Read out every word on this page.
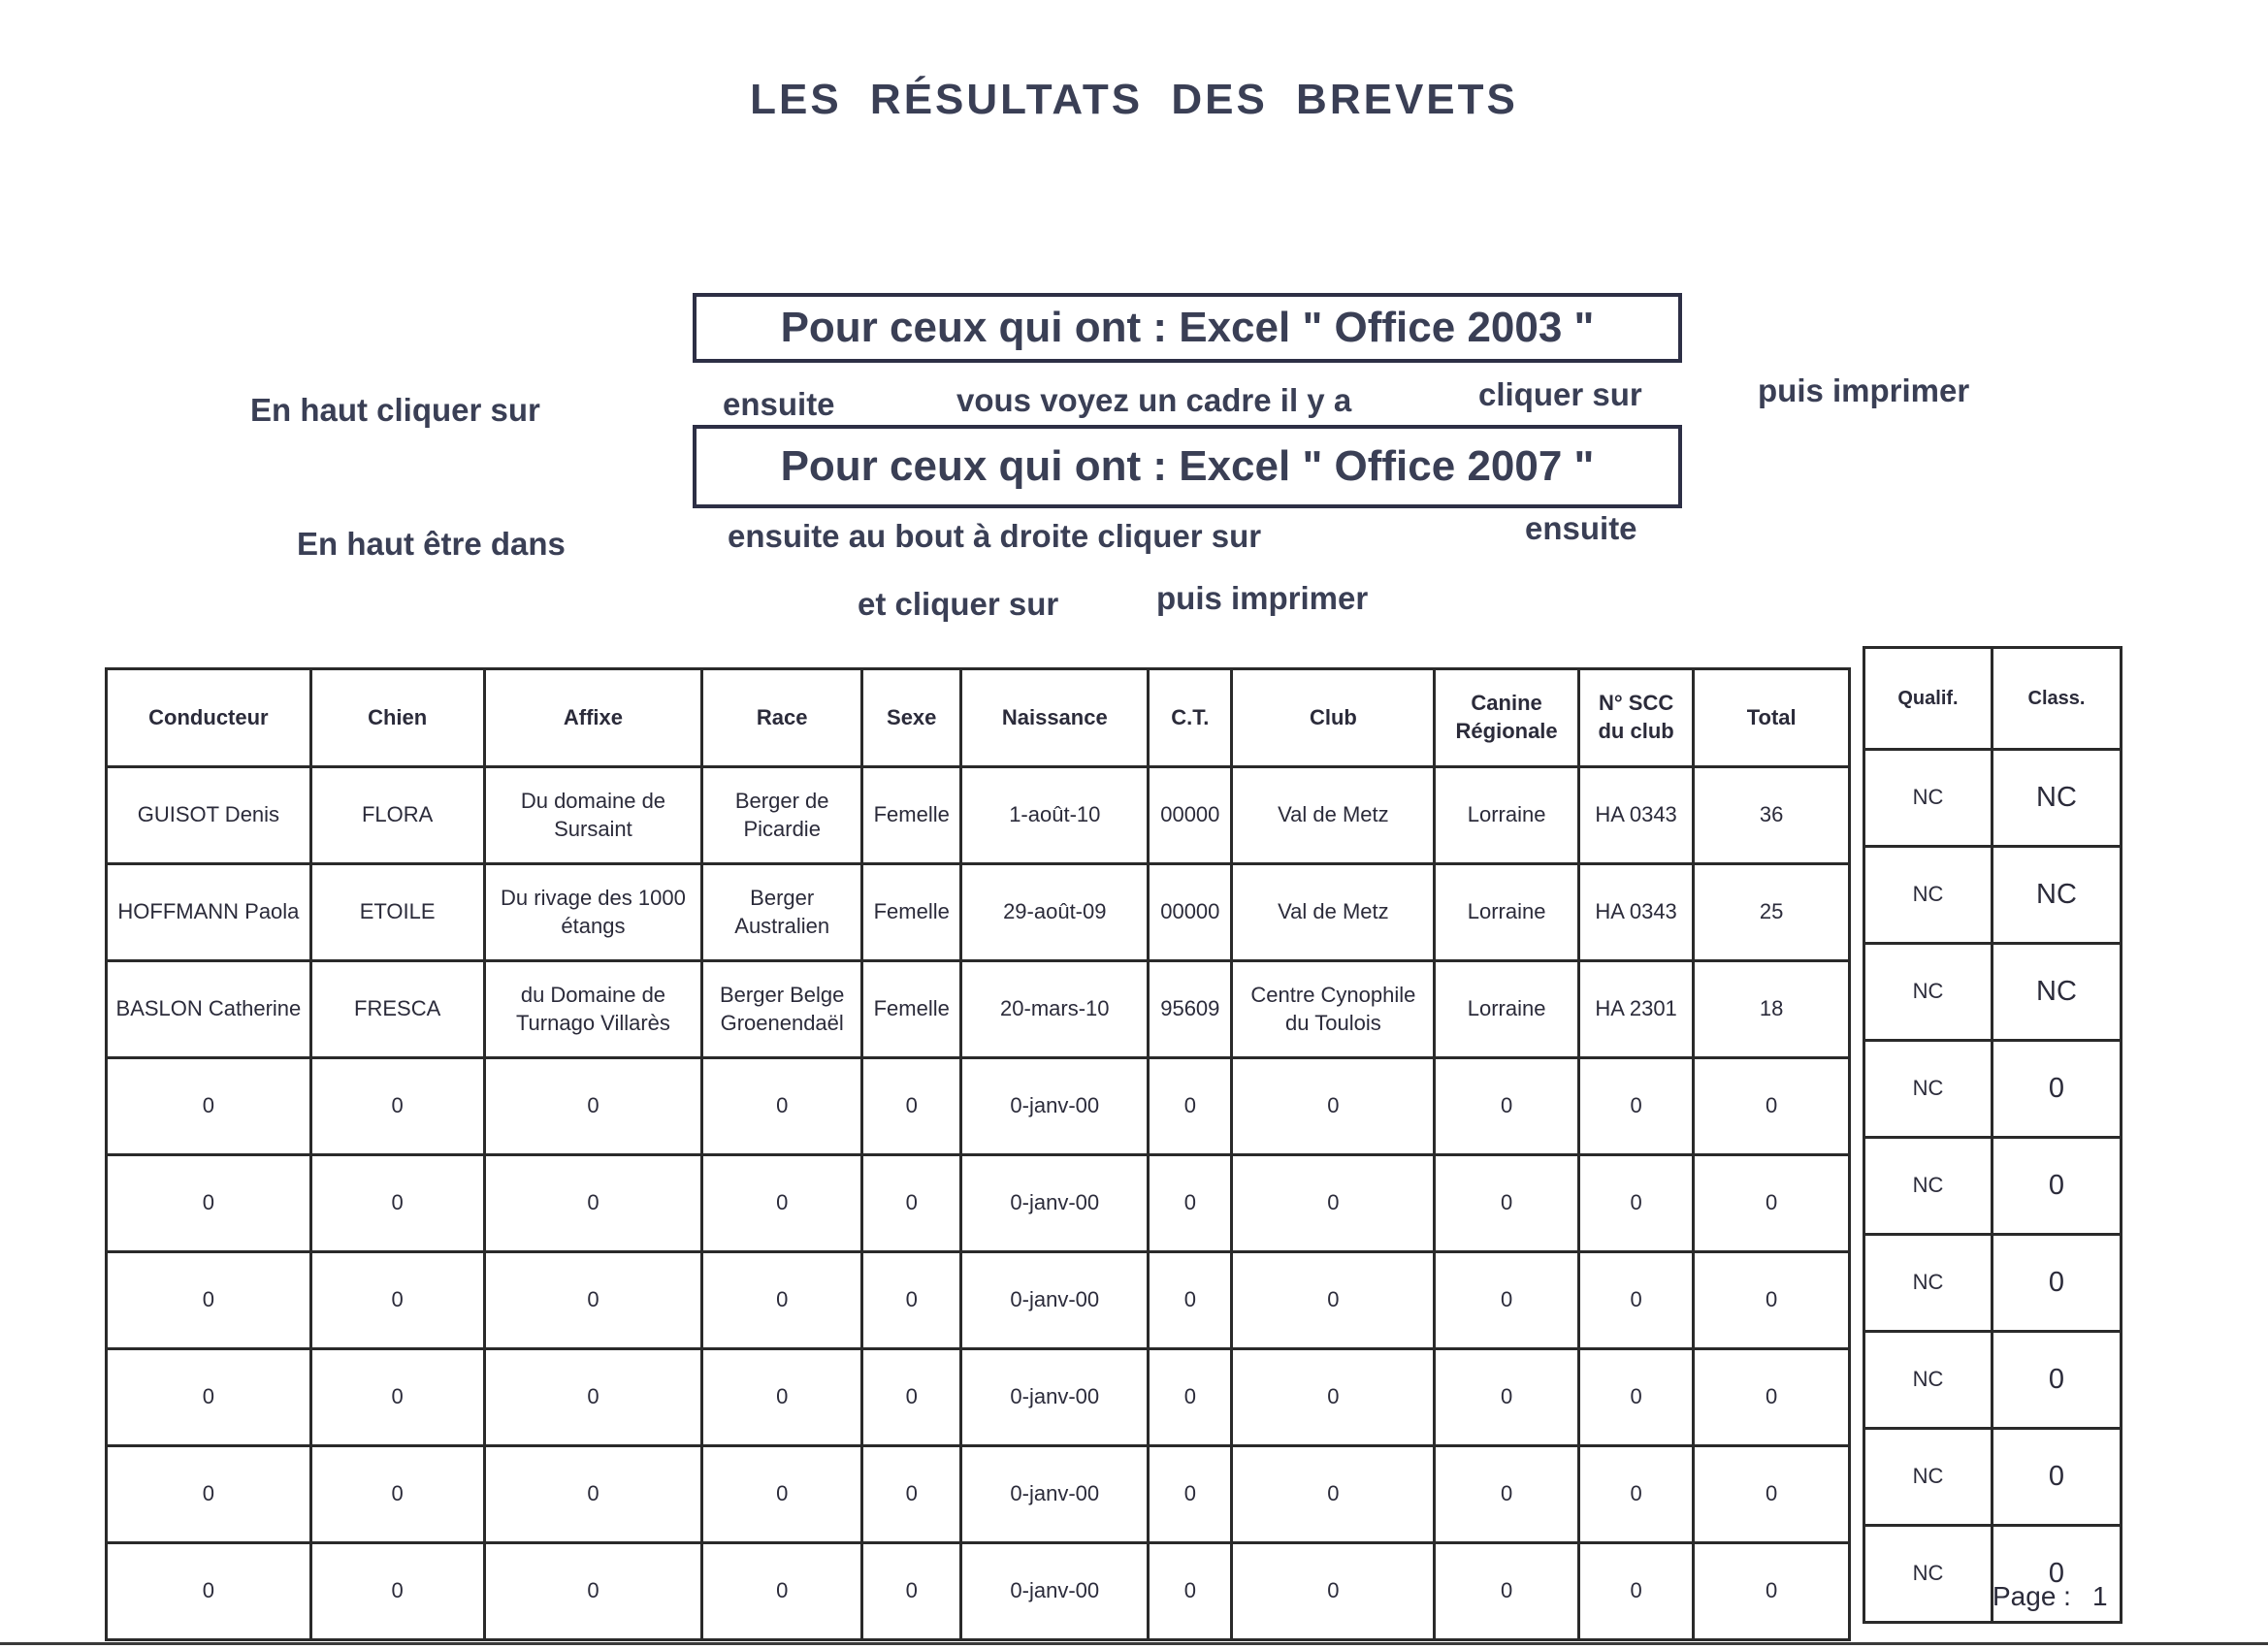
LES RÉSULTATS DES BREVETS
Pour ceux qui ont : Excel " Office 2003 "
En haut cliquer sur	ensuite	vous voyez un cadre il y a	cliquer sur	puis imprimer
Pour ceux qui ont : Excel " Office 2007 "
En haut être dans	ensuite au bout à droite cliquer sur	ensuite
et cliquer sur	puis imprimer
Conducteur	Chien	Affixe	Race	Sexe	Naissance	C.T.	Club	Canine Régionale	N° SCC du club	Total
GUISOT Denis	FLORA	Du domaine de Sursaint	Berger de Picardie	Femelle	1-août-10	00000	Val de Metz	Lorraine	HA 0343	36
HOFFMANN Paola	ETOILE	Du rivage des 1000 étangs	Berger Australien	Femelle	29-août-09	00000	Val de Metz	Lorraine	HA 0343	25
BASLON Catherine	FRESCA	du Domaine de Turnago Villarès	Berger Belge Groenendaël	Femelle	20-mars-10	95609	Centre Cynophile du Toulois	Lorraine	HA 2301	18
0	0	0	0	0	0-janv-00	0	0	0	0	0
0	0	0	0	0	0-janv-00	0	0	0	0	0
0	0	0	0	0	0-janv-00	0	0	0	0	0
0	0	0	0	0	0-janv-00	0	0	0	0	0
0	0	0	0	0	0-janv-00	0	0	0	0	0
0	0	0	0	0	0-janv-00	0	0	0	0	0
Qualif.	Class.
NC	NC
NC	NC
NC	NC
NC	0
NC	0
NC	0
NC	0
NC	0
NC	0
Page : 1
